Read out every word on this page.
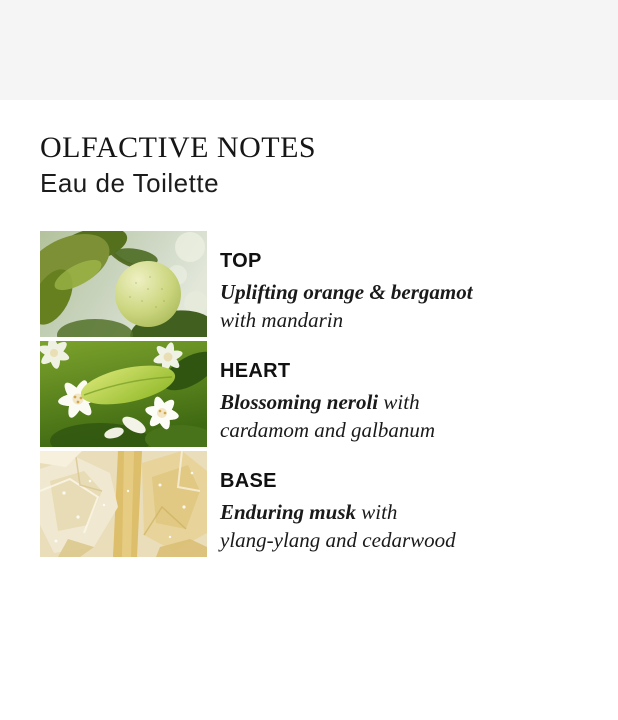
OLFACTIVE NOTES
Eau de Toilette
TOP
Uplifting orange & bergamot
with mandarin
HEART
Blossoming neroli with
cardamom and galbanum
BASE
Enduring musk with
ylang-ylang and cedarwood
